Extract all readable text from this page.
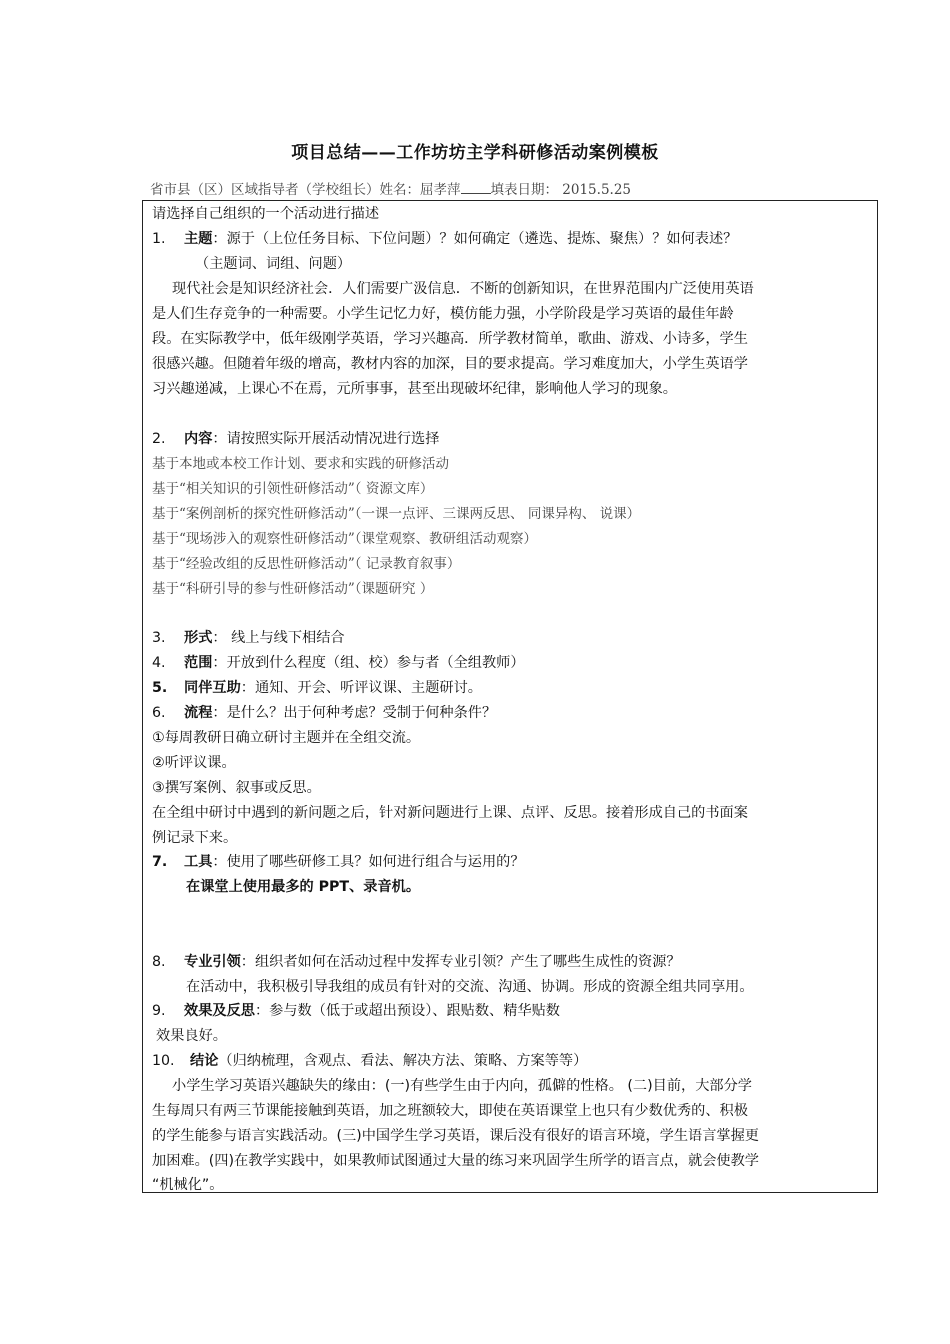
项目总结——工作坊坊主学科研修活动案例模板
省市县（区）区域指导者（学校组长）姓名：屈孝萍 填表日期： 2015.5.25
请选择自己组织的一个活动进行描述
1. 主题：源于（上位任务目标、下位问题）？如何确定（遴选、提炼、聚焦）？如何表述？
（主题词、词组、问题）
现代社会是知识经济社会．人们需要广汲信息．不断的创新知识，在世界范围内广泛使用英语
是人们生存竞争的一种需要。小学生记忆力好，模仿能力强，小学阶段是学习英语的最佳年龄
段。在实际教学中，低年级刚学英语，学习兴趣高．所学教材简单，歌曲、游戏、小诗多，学生
很感兴趣。但随着年级的增高，教材内容的加深，目的要求提高。学习难度加大，小学生英语学
习兴趣递减，上课心不在焉，元所事事，甚至出现破坏纪律，影响他人学习的现象。
2. 内容：请按照实际开展活动情况进行选择
基于本地或本校工作计划、要求和实践的研修活动
基于“相关知识的引领性研修活动”（ 资源文库）
基于“案例剖析的探究性研修活动”（一课一点评、三课两反思、 同课异构、 说课）
基于“现场涉入的观察性研修活动”（课堂观察、教研组活动观察）
基于“经验改组的反思性研修活动”（ 记录教育叙事）
基于“科研引导的参与性研修活动”（课题研究 ）
3. 形式： 线上与线下相结合
4. 范围：开放到什么程度（组、校）参与者（全组教师）
5. 同伴互助：通知、开会、听评议课、主题研讨。
6. 流程：是什么？出于何种考虑？受制于何种条件？
①每周教研日确立研讨主题并在全组交流。
②听评议课。
③撰写案例、叙事或反思。
在全组中研讨中遇到的新问题之后，针对新问题进行上课、点评、反思。接着形成自己的书面案
例记录下来。
7. 工具：使用了哪些研修工具？如何进行组合与运用的？
在课堂上使用最多的 PPT、录音机。
8. 专业引领：组织者如何在活动过程中发挥专业引领？产生了哪些生成性的资源？
在活动中，我积极引导我组的成员有针对的交流、沟通、协调。形成的资源全组共同享用。
9. 效果及反思：参与数（低于或超出预设）、跟贴数、精华贴数
效果良好。
10. 结论（归纳梳理，含观点、看法、解决方法、策略、方案等等）
小学生学习英语兴趣缺失的缘由：(一)有些学生由于内向，孤僻的性格。 (二)目前，大部分学
生每周只有两三节课能接触到英语，加之班额较大，即使在英语课堂上也只有少数优秀的、积极
的学生能参与语言实践活动。(三)中国学生学习英语，课后没有很好的语言环境，学生语言掌握更
加困难。(四)在教学实践中，如果教师试图通过大量的练习来巩固学生所学的语言点，就会使教学
“机械化”。
